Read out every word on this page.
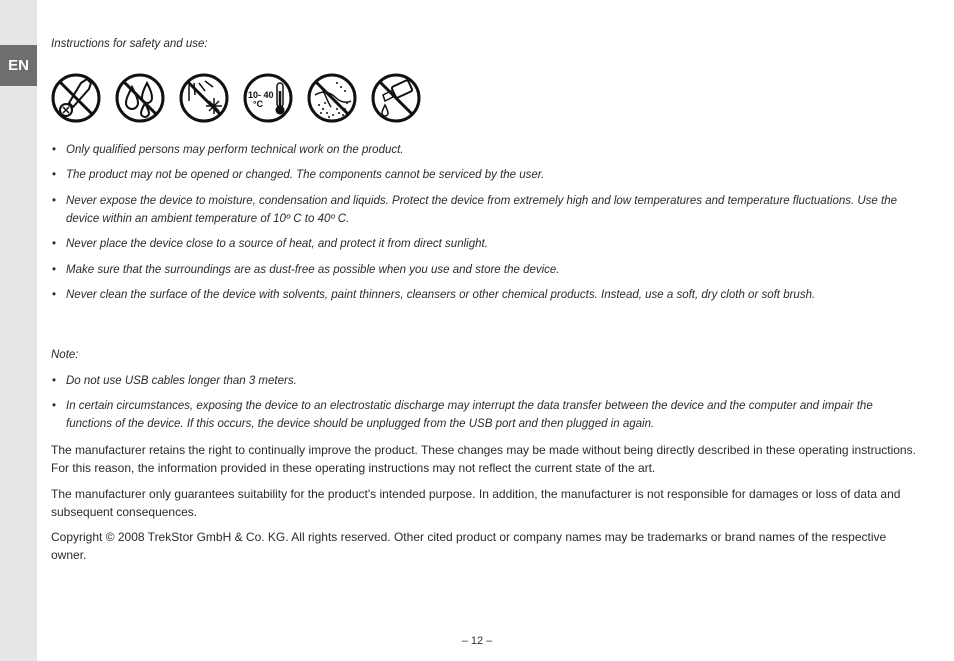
EN
Instructions for safety and use:
10- 40
°C
• Only qualified persons may perform technical work on the product.
• The product may not be opened or changed. The components cannot be serviced by the user.
• Never expose the device to moisture, condensation and liquids. Protect the device from extremely high and low temperatures and temperature fluctuations. Use the device within an ambient temperature of 10º C to 40º C.
• Never place the device close to a source of heat, and protect it from direct sunlight.
• Make sure that the surroundings are as dust-free as possible when you use and store the device.
• Never clean the surface of the device with solvents, paint thinners, cleansers or other chemical products. Instead, use a soft, dry cloth or soft brush.
Note:
• Do not use USB cables longer than 3 meters.
• In certain circumstances, exposing the device to an electrostatic discharge may interrupt the data transfer between the device and the computer and impair the functions of the device. If this occurs, the device should be unplugged from the USB port and then plugged in again.
The manufacturer retains the right to continually improve the product. These changes may be made without being directly described in these operating instructions. For this reason, the information provided in these operating instructions may not reflect the current state of the art.
The manufacturer only guarantees suitability for the product's intended purpose. In addition, the manufacturer is not responsible for damages or loss of data and subsequent consequences.
Copyright © 2008 TrekStor GmbH & Co. KG. All rights reserved. Other cited product or company names may be trademarks or brand names of the respective owner.
– 12 –
